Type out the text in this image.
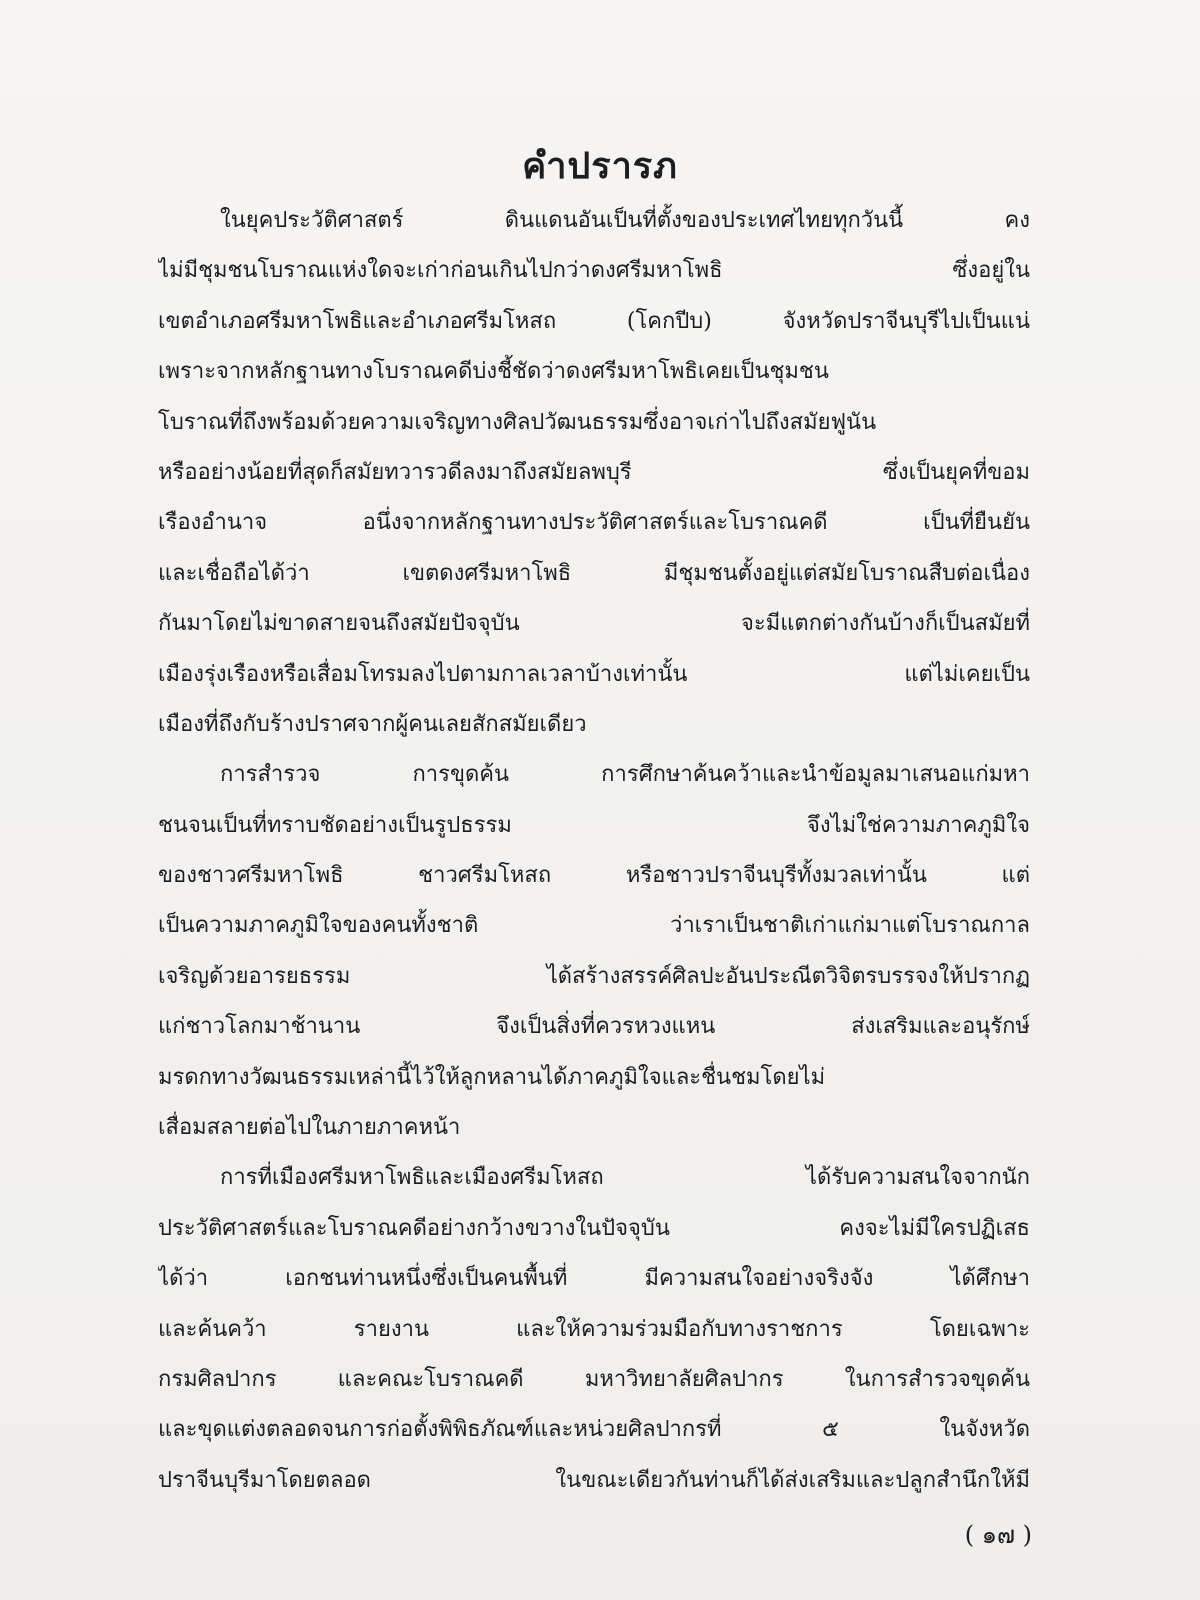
คำปรารภ
ในยุคประวัติศาสตร์ ดินแดนอันเป็นที่ตั้งของประเทศไทยทุกวันนี้ คง
ไม่มีชุมชนโบราณแห่งใดจะเก่าก่อนเกินไปกว่าดงศรีมหาโพธิ ซึ่งอยู่ใน
เขตอำเภอศรีมหาโพธิและอำเภอศรีมโหสถ (โคกปีบ) จังหวัดปราจีนบุรีไปเป็นแน่
เพราะจากหลักฐานทางโบราณคดีบ่งชี้ชัดว่าดงศรีมหาโพธิเคยเป็นชุมชน
โบราณที่ถึงพร้อมด้วยความเจริญทางศิลปวัฒนธรรมซึ่งอาจเก่าไปถึงสมัยฟูนัน
หรืออย่างน้อยที่สุดก็สมัยทวารวดีลงมาถึงสมัยลพบุรี ซึ่งเป็นยุคที่ขอม
เรืองอำนาจ อนึ่งจากหลักฐานทางประวัติศาสตร์และโบราณคดี เป็นที่ยืนยัน
และเชื่อถือได้ว่า เขตดงศรีมหาโพธิ มีชุมชนตั้งอยู่แต่สมัยโบราณสืบต่อเนื่อง
กันมาโดยไม่ขาดสายจนถึงสมัยปัจจุบัน จะมีแตกต่างกันบ้างก็เป็นสมัยที่
เมืองรุ่งเรืองหรือเสื่อมโทรมลงไปตามกาลเวลาบ้างเท่านั้น แต่ไม่เคยเป็น
เมืองที่ถึงกับร้างปราศจากผู้คนเลยสักสมัยเดียว
การสำรวจ การขุดค้น การศึกษาค้นคว้าและนำข้อมูลมาเสนอแก่มหา
ชนจนเป็นที่ทราบชัดอย่างเป็นรูปธรรม จึงไม่ใช่ความภาคภูมิใจ
ของชาวศรีมหาโพธิ ชาวศรีมโหสถ หรือชาวปราจีนบุรีทั้งมวลเท่านั้น แต่
เป็นความภาคภูมิใจของคนทั้งชาติ ว่าเราเป็นชาติเก่าแก่มาแต่โบราณกาล
เจริญด้วยอารยธรรม ได้สร้างสรรค์ศิลปะอันประณีตวิจิตรบรรจงให้ปรากฏ
แก่ชาวโลกมาช้านาน จึงเป็นสิ่งที่ควรหวงแหน ส่งเสริมและอนุรักษ์
มรดกทางวัฒนธรรมเหล่านี้ไว้ให้ลูกหลานได้ภาคภูมิใจและชื่นชมโดยไม่
เสื่อมสลายต่อไปในภายภาคหน้า
การที่เมืองศรีมหาโพธิและเมืองศรีมโหสถ ได้รับความสนใจจากนัก
ประวัติศาสตร์และโบราณคดีอย่างกว้างขวางในปัจจุบัน คงจะไม่มีใครปฏิเสธ
ได้ว่า เอกชนท่านหนึ่งซึ่งเป็นคนพื้นที่ มีความสนใจอย่างจริงจัง ได้ศึกษา
และค้นคว้า รายงาน และให้ความร่วมมือกับทางราชการ โดยเฉพาะ
กรมศิลปากร และคณะโบราณคดี มหาวิทยาลัยศิลปากร ในการสำรวจขุดค้น
และขุดแต่งตลอดจนการก่อตั้งพิพิธภัณฑ์และหน่วยศิลปากรที่ ๕ ในจังหวัด
ปราจีนบุรีมาโดยตลอด ในขณะเดียวกันท่านก็ได้ส่งเสริมและปลูกสำนึกให้มี
( ๑๗ )
